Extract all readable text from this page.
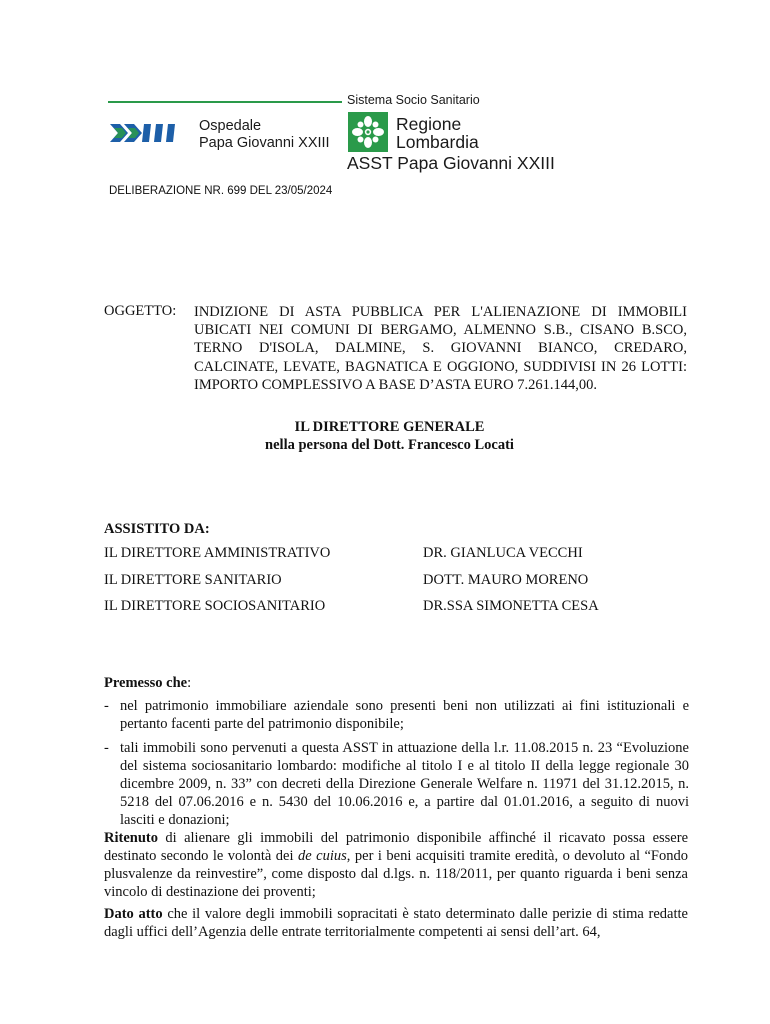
Sistema Socio Sanitario
Ospedale
Papa Giovanni XXIII
Regione
Lombardia
ASST Papa Giovanni XXIII
DELIBERAZIONE NR. 699 DEL 23/05/2024
OGGETTO: INDIZIONE DI ASTA PUBBLICA PER L'ALIENAZIONE DI IMMOBILI UBICATI NEI COMUNI DI BERGAMO, ALMENNO S.B., CISANO B.SCO, TERNO D'ISOLA, DALMINE, S. GIOVANNI BIANCO, CREDARO, CALCINATE, LEVATE, BAGNATICA E OGGIONO, SUDDIVISI IN 26 LOTTI: IMPORTO COMPLESSIVO A BASE D’ASTA EURO 7.261.144,00.
IL DIRETTORE GENERALE
nella persona del Dott. Francesco Locati
ASSISTITO DA:
IL DIRETTORE AMMINISTRATIVO	DR. GIANLUCA VECCHI
IL DIRETTORE SANITARIO	DOTT. MAURO MORENO
IL DIRETTORE SOCIOSANITARIO	DR.SSA SIMONETTA CESA
Premesso che:
- nel patrimonio immobiliare aziendale sono presenti beni non utilizzati ai fini istituzionali e pertanto facenti parte del patrimonio disponibile;
- tali immobili sono pervenuti a questa ASST in attuazione della l.r. 11.08.2015 n. 23 “Evoluzione del sistema sociosanitario lombardo: modifiche al titolo I e al titolo II della legge regionale 30 dicembre 2009, n. 33” con decreti della Direzione Generale Welfare n. 11971 del 31.12.2015, n. 5218 del 07.06.2016 e n. 5430 del 10.06.2016 e, a partire dal 01.01.2016, a seguito di nuovi lasciti e donazioni;
Ritenuto di alienare gli immobili del patrimonio disponibile affinché il ricavato possa essere destinato secondo le volontà dei de cuius, per i beni acquisiti tramite eredità, o devoluto al “Fondo plusvalenze da reinvestire”, come disposto dal d.lgs. n. 118/2011, per quanto riguarda i beni senza vincolo di destinazione dei proventi;
Dato atto che il valore degli immobili sopracitati è stato determinato dalle perizie di stima redatte dagli uffici dell’Agenzia delle entrate territorialmente competenti ai sensi dell’art. 64,
